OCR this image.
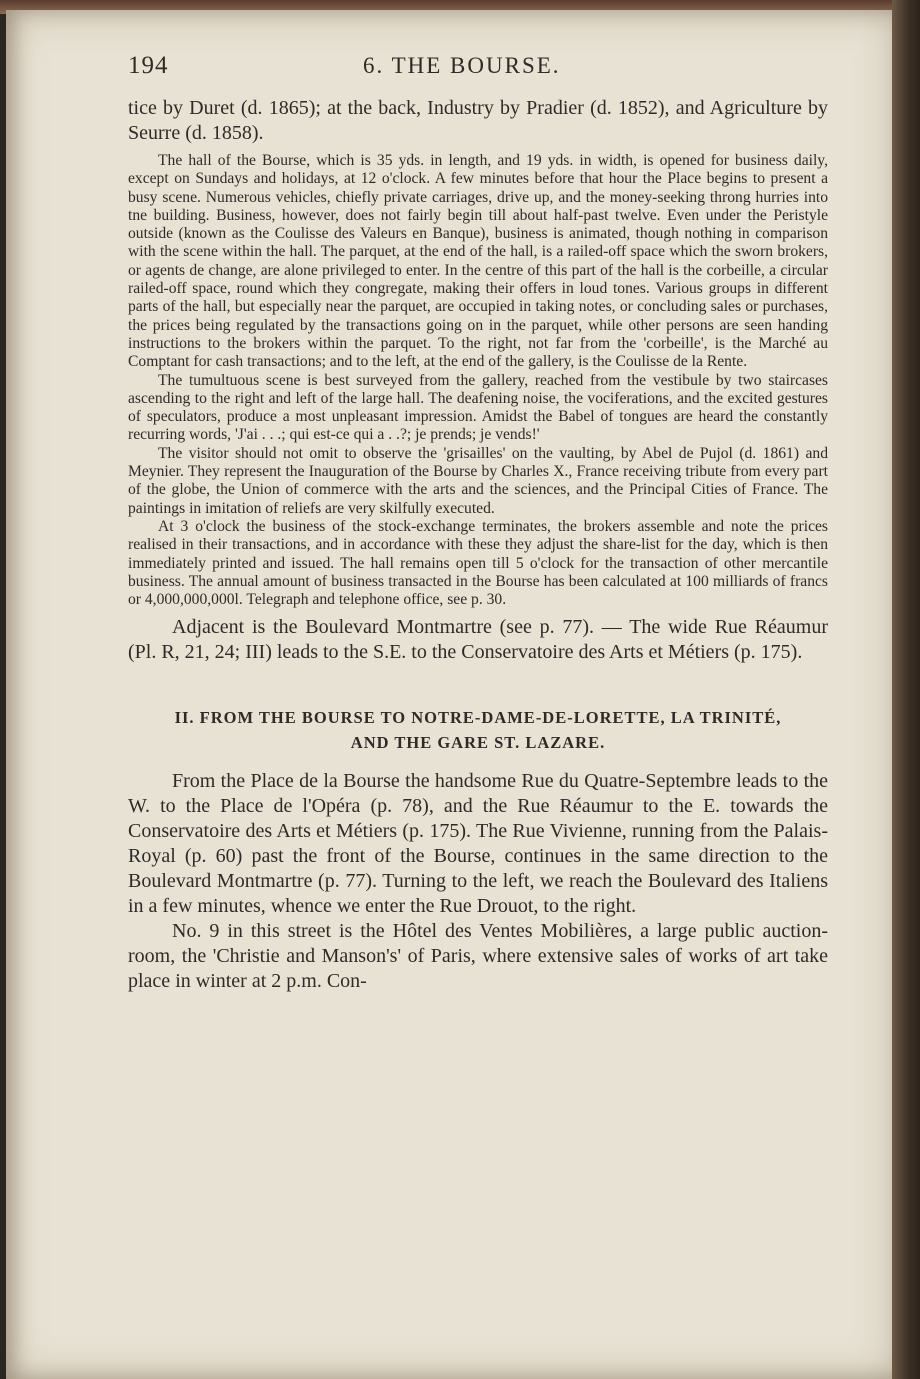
194	6. THE BOURSE.

tice by Duret (d. 1865); at the back, Industry by Pradier (d. 1852), and Agriculture by Seurre (d. 1858).

The hall of the Bourse, which is 35 yds. in length, and 19 yds. in width, is opened for business daily, except on Sundays and holidays, at 12 o'clock. A few minutes before that hour the Place begins to present a busy scene. Numerous vehicles, chiefly private carriages, drive up, and the money-seeking throng hurries into tne building. Business, however, does not fairly begin till about half-past twelve. Even under the Peristyle outside (known as the Coulisse des Valeurs en Banque), business is animated, though nothing in comparison with the scene within the hall. The parquet, at the end of the hall, is a railed-off space which the sworn brokers, or agents de change, are alone privileged to enter. In the centre of this part of the hall is the corbeille, a circular railed-off space, round which they congregate, making their offers in loud tones. Various groups in different parts of the hall, but especially near the parquet, are occupied in taking notes, or concluding sales or purchases, the prices being regulated by the transactions going on in the parquet, while other persons are seen handing instructions to the brokers within the parquet. To the right, not far from the 'corbeille', is the Marché au Comptant for cash transactions; and to the left, at the end of the gallery, is the Coulisse de la Rente.

The tumultuous scene is best surveyed from the gallery, reached from the vestibule by two staircases ascending to the right and left of the large hall. The deafening noise, the vociferations, and the excited gestures of speculators, produce a most unpleasant impression. Amidst the Babel of tongues are heard the constantly recurring words, 'J'ai . . .; qui est-ce qui a . .?; je prends; je vends!'

The visitor should not omit to observe the 'grisailles' on the vaulting, by Abel de Pujol (d. 1861) and Meynier. They represent the Inauguration of the Bourse by Charles X., France receiving tribute from every part of the globe, the Union of commerce with the arts and the sciences, and the Principal Cities of France. The paintings in imitation of reliefs are very skilfully executed.

At 3 o'clock the business of the stock-exchange terminates, the brokers assemble and note the prices realised in their transactions, and in accordance with these they adjust the share-list for the day, which is then immediately printed and issued. The hall remains open till 5 o'clock for the transaction of other mercantile business. The annual amount of business transacted in the Bourse has been calculated at 100 milliards of francs or 4,000,000,000l. Telegraph and telephone office, see p. 30.

Adjacent is the Boulevard Montmartre (see p. 77). — The wide Rue Réaumur (Pl. R, 21, 24; III) leads to the S.E. to the Conservatoire des Arts et Métiers (p. 175).

II. FROM THE BOURSE TO NOTRE-DAME-DE-LORETTE, LA TRINITÉ,

AND THE GARE ST. LAZARE.

From the Place de la Bourse the handsome Rue du Quatre-Septembre leads to the W. to the Place de l'Opéra (p. 78), and the Rue Réaumur to the E. towards the Conservatoire des Arts et Métiers (p. 175). The Rue Vivienne, running from the Palais-Royal (p. 60) past the front of the Bourse, continues in the same direction to the Boulevard Montmartre (p. 77). Turning to the left, we reach the Boulevard des Italiens in a few minutes, whence we enter the Rue Drouot, to the right.

No. 9 in this street is the Hôtel des Ventes Mobilières, a large public auction-room, the 'Christie and Manson's' of Paris, where extensive sales of works of art take place in winter at 2 p.m. Con-
